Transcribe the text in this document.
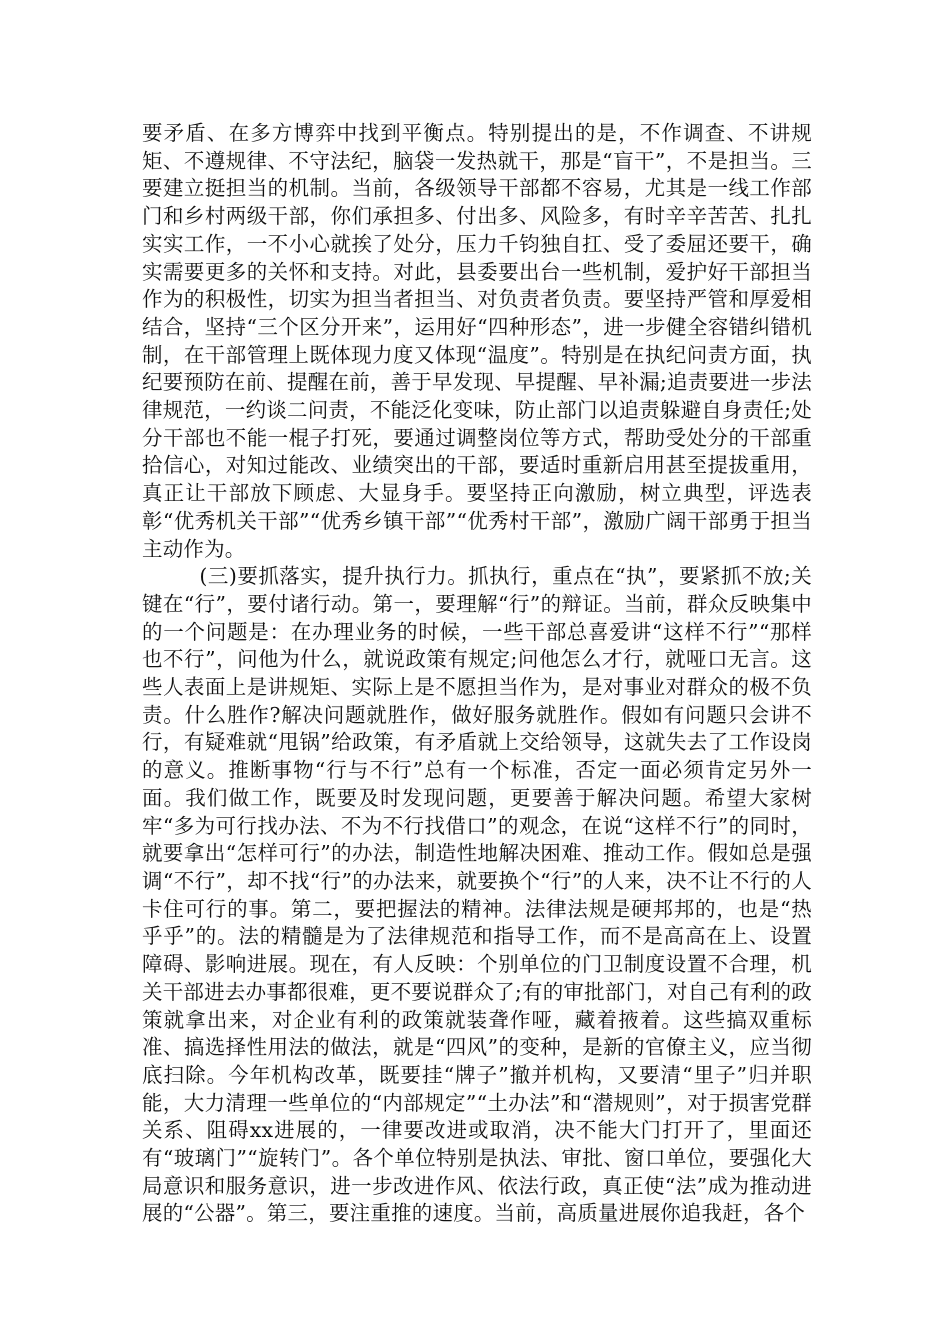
要矛盾、在多方博弈中找到平衡点。特别提出的是，不作调查、不讲规矩、不遵规律、不守法纪，脑袋一发热就干，那是“盲干”，不是担当。三要建立挺担当的机制。当前，各级领导干部都不容易，尤其是一线工作部门和乡村两级干部，你们承担多、付出多、风险多，有时辛辛苦苦、扎扎实实工作，一不小心就挨了处分，压力千钧独自扛、受了委屈还要干，确实需要更多的关怀和支持。对此，县委要出台一些机制，爱护好干部担当作为的积极性，切实为担当者担当、对负责者负责。要坚持严管和厚爱相结合，坚持“三个区分开来”，运用好“四种形态”，进一步健全容错纠错机制，在干部管理上既体现力度又体现“温度”。特别是在执纪问责方面，执纪要预防在前、提醒在前，善于早发现、早提醒、早补漏;追责要进一步法律规范，一约谈二问责，不能泛化变味，防止部门以追责躲避自身责任;处分干部也不能一棍子打死，要通过调整岗位等方式，帮助受处分的干部重拾信心，对知过能改、业绩突出的干部，要适时重新启用甚至提拔重用，真正让干部放下顾虑、大显身手。要坚持正向激励，树立典型，评选表彰“优秀机关干部”“优秀乡镇干部”“优秀村干部”，激励广阔干部勇于担当主动作为。

(三)要抓落实，提升执行力。抓执行，重点在“执”，要紧抓不放;关键在“行”，要付诸行动。第一，要理解“行”的辩证。当前，群众反映集中的一个问题是：在办理业务的时候，一些干部总喜爱讲“这样不行”“那样也不行”，问他为什么，就说政策有规定;问他怎么才行，就哑口无言。这些人表面上是讲规矩、实际上是不愿担当作为，是对事业对群众的极不负责。什么胜作?解决问题就胜作，做好服务就胜作。假如有问题只会讲不行，有疑难就“甩锅”给政策，有矛盾就上交给领导，这就失去了工作设岗的意义。推断事物“行与不行”总有一个标准，否定一面必须肯定另外一面。我们做工作，既要及时发现问题，更要善于解决问题。希望大家树牢“多为可行找办法、不为不行找借口”的观念，在说“这样不行”的同时，就要拿出“怎样可行”的办法，制造性地解决困难、推动工作。假如总是强调“不行”，却不找“行”的办法来，就要换个“行”的人来，决不让不行的人卡住可行的事。第二，要把握法的精神。法律法规是硬邦邦的，也是“热乎乎”的。法的精髓是为了法律规范和指导工作，而不是高高在上、设置障碍、影响进展。现在，有人反映：个别单位的门卫制度设置不合理，机关干部进去办事都很难，更不要说群众了;有的审批部门，对自己有利的政策就拿出来，对企业有利的政策就装聋作哑，藏着掖着。这些搞双重标准、搞选择性用法的做法，就是“四风”的变种，是新的官僚主义，应当彻底扫除。今年机构改革，既要挂“牌子”撤并机构，又要清“里子”归并职能，大力清理一些单位的“内部规定”“土办法”和“潜规则”，对于损害党群关系、阻碍xx进展的，一律要改进或取消，决不能大门打开了，里面还有“玻璃门”“旋转门”。各个单位特别是执法、审批、窗口单位，要强化大局意识和服务意识，进一步改进作风、依法行政，真正使“法”成为推动进展的“公器”。第三，要注重推的速度。当前，高质量进展你追我赶，各个
